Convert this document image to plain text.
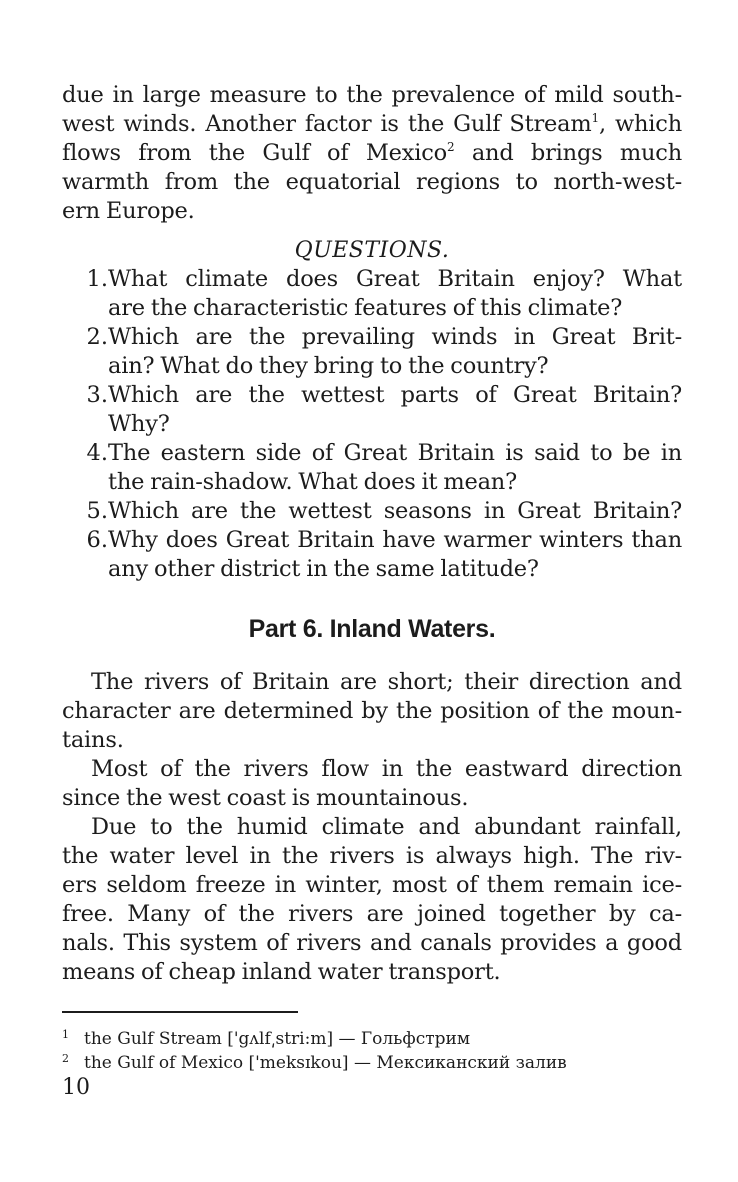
due in large measure to the prevalence of mild south-
west winds. Another factor is the Gulf Stream$^1$, which
flows from the Gulf of Mexico$^2$ and brings much
warmth from the equatorial regions to north-west-
ern Europe.
QUESTIONS.
1. What climate does Great Britain enjoy? What
are the characteristic features of this climate?
2. Which are the prevailing winds in Great Brit-
ain? What do they bring to the country?
3. Which are the wettest parts of Great Britain?
Why?
4. The eastern side of Great Britain is said to be in
the rain-shadow. What does it mean?
5. Which are the wettest seasons in Great Britain?
6. Why does Great Britain have warmer winters than
any other district in the same latitude?
Part 6. Inland Waters.
The rivers of Britain are short; their direction and
character are determined by the position of the moun-
tains.
Most of the rivers flow in the eastward direction
since the west coast is mountainous.
Due to the humid climate and abundant rainfall,
the water level in the rivers is always high. The riv-
ers seldom freeze in winter, most of them remain ice-
free. Many of the rivers are joined together by ca-
nals. This system of rivers and canals provides a good
means of cheap inland water transport.
1 the Gulf Stream ['gʌlf͵stri:m] — Гольфстрим
2 the Gulf of Mexico ['meksɪkou] — Мексиканский залив
10
